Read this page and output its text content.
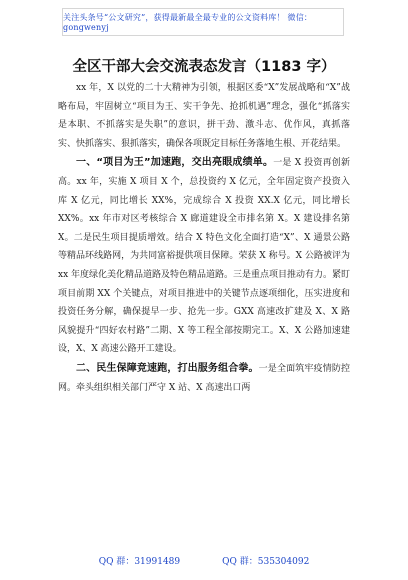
关注头条号“公文研究”，获得最新最全最专业的公文资料库！ 微信：gongwenyj
全区干部大会交流表态发言（1183 字）

xx 年，X 以党的二十大精神为引领，根据区委“X”发展战略和“X”战略布局，牢固树立“项目为王、实干争先、抢抓机遇”理念，强化“抓落实是本职、不抓落实是失职”的意识，拼干劲、激斗志、优作风，真抓落实、快抓落实、狠抓落实，确保各项既定目标任务落地生根、开花结果。

一、“项目为王”加速跑，交出亮眼成绩单。一是 X 投资再创新高。xx 年，实施 X 项目 X 个，总投资约 X 亿元，全年固定资产投资入库 X 亿元，同比增长 XX%，完成综合 X 投资 XX.X 亿元，同比增长 XX%。xx 年市对区考核综合 X 廊道建设全市排名第 X。X 建设排名第 X。二是民生项目提质增效。结合 X 特色文化全面打造“X”、X 通景公路等精品环线路网，为共同富裕提供项目保障。荣获 X 称号。X 公路被评为 xx 年度绿化美化精品道路及特色精品道路。三是重点项目推动有力。紧盯项目前期 XX 个关键点，对项目推进中的关键节点逐项细化，压实进度和投资任务分解，确保提早一步、抢先一步。GXX 高速改扩建及 X、X 路风貌提升“四好农村路”二期、X 等工程全部按期完工。X、X 公路加速建设，X、X 高速公路开工建设。

二、民生保障竞速跑，打出服务组合拳。一是全面筑牢疫情防控网。牵头组织相关部门严守 X 站、X 高速出口两

QQ 群：31991489	QQ 群：535304092
